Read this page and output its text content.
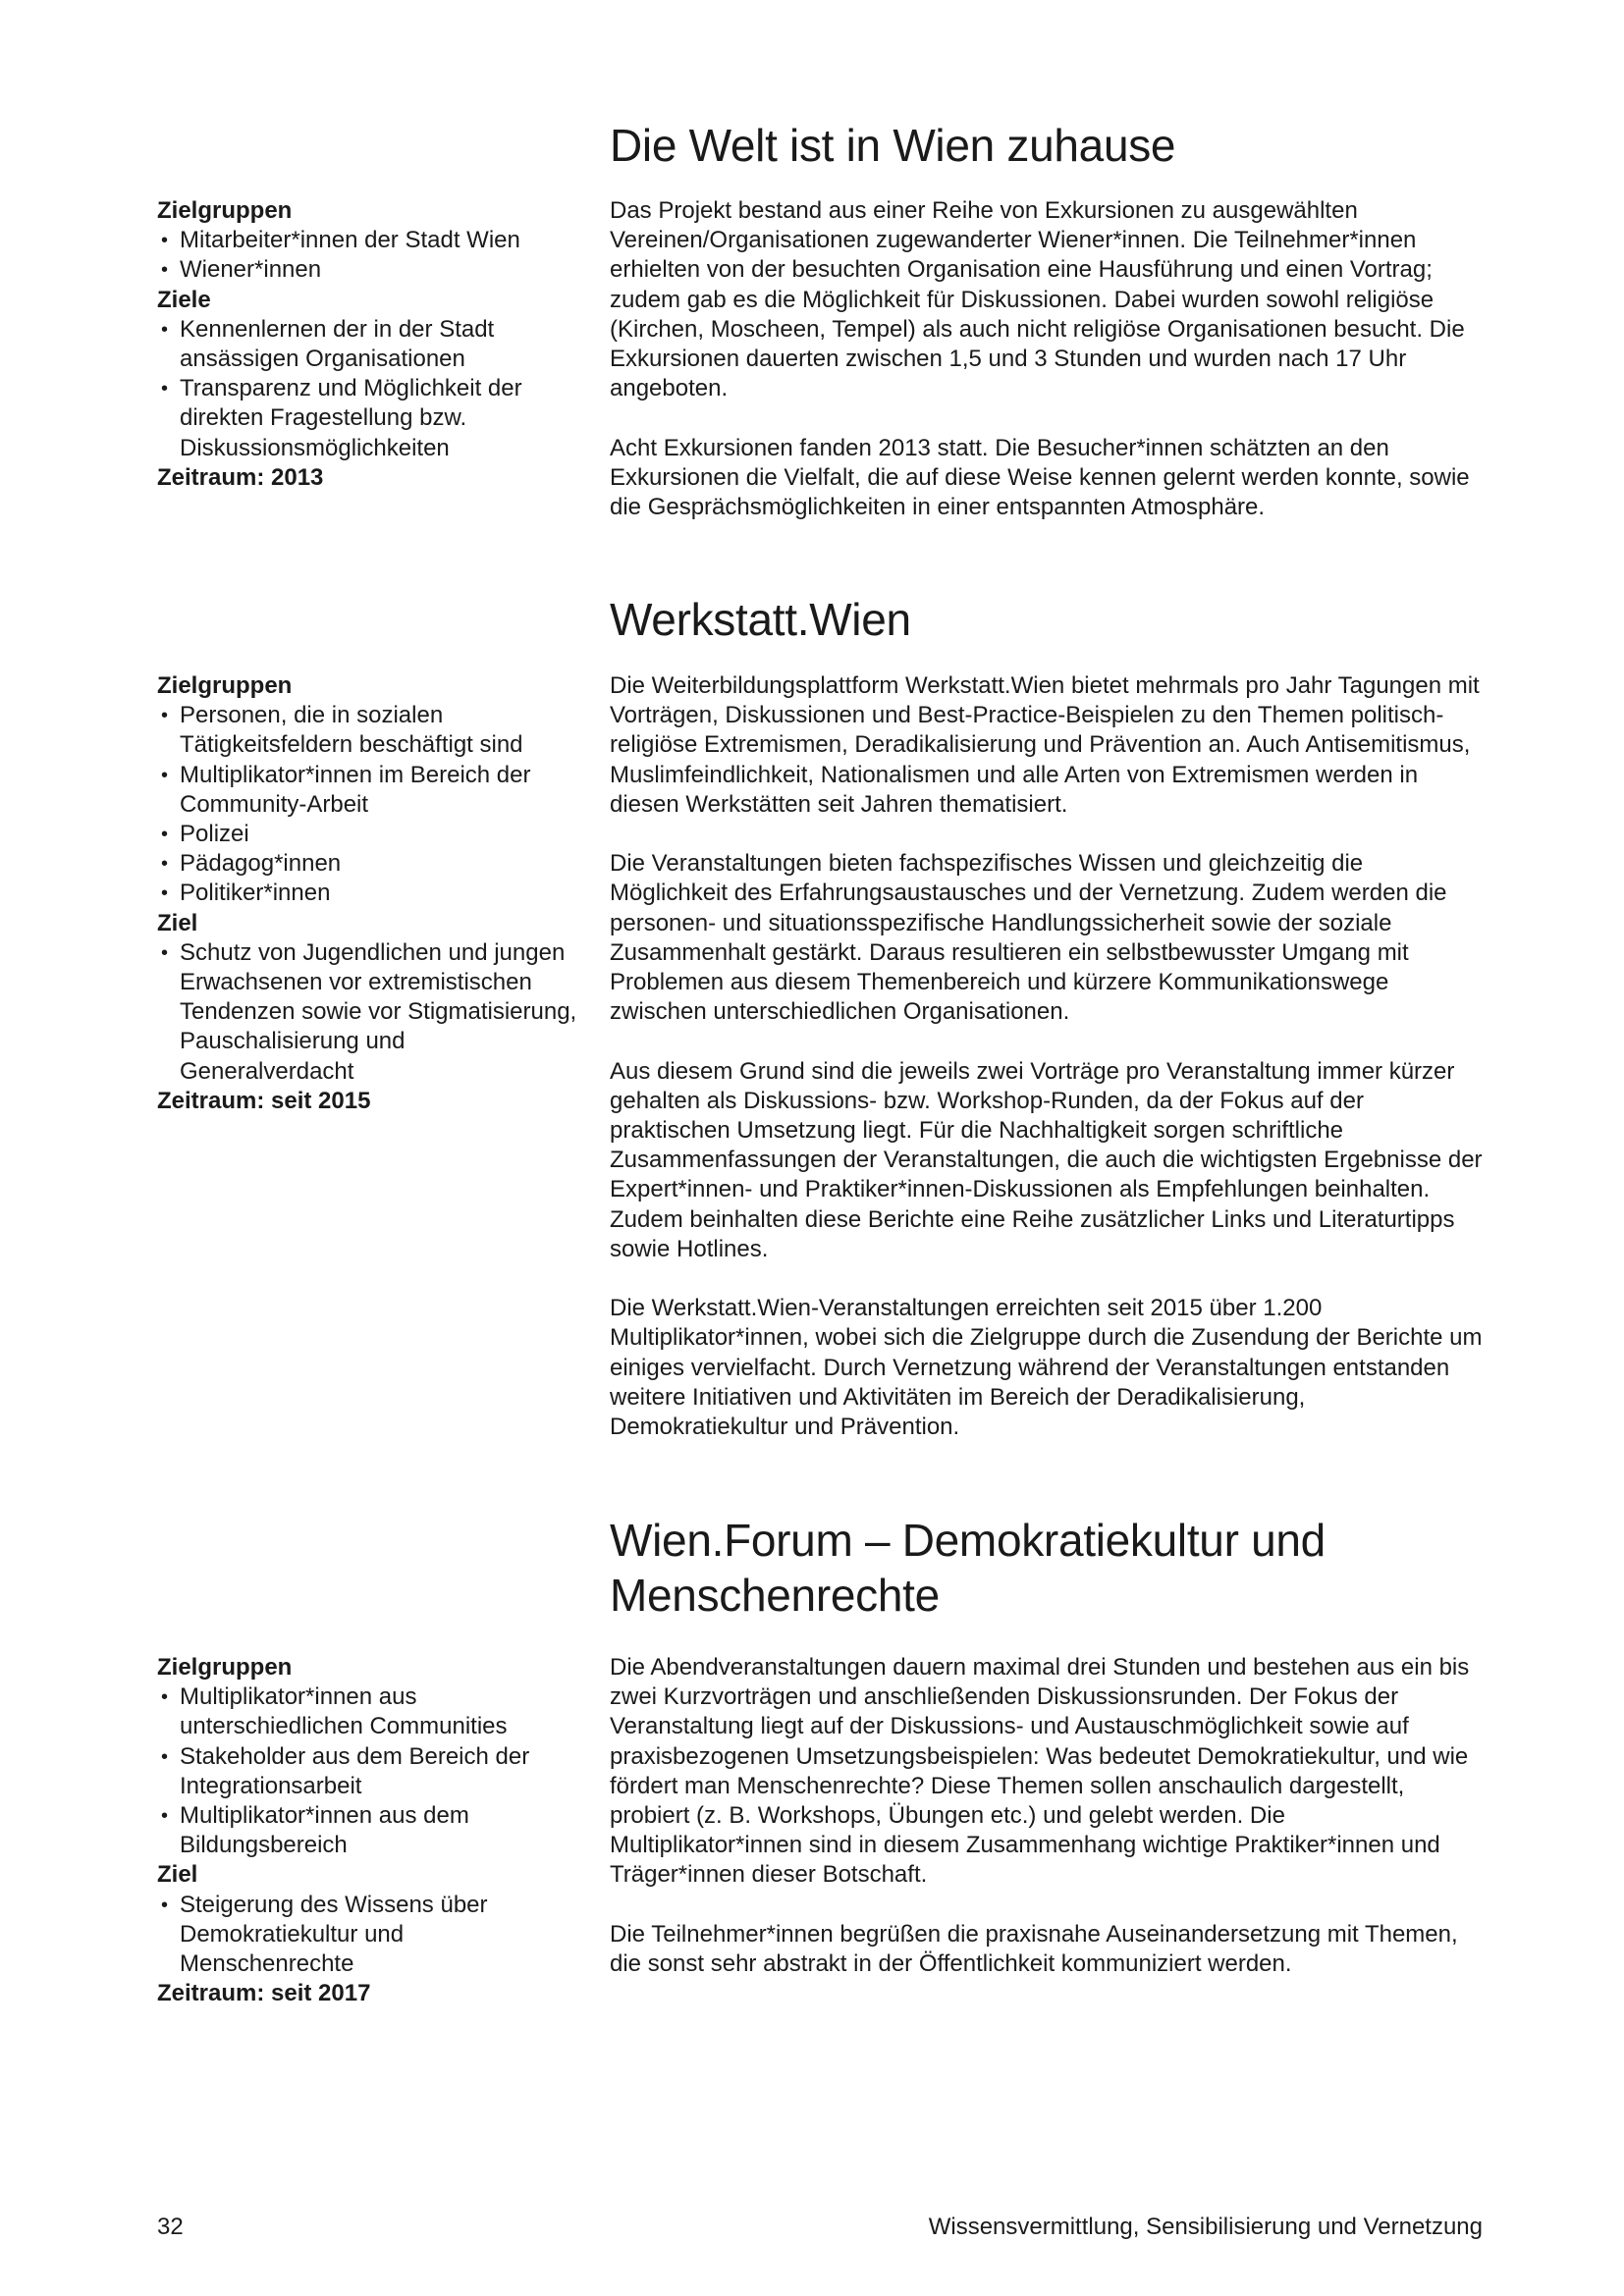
Die Welt ist in Wien zuhause
Zielgruppen
• Mitarbeiter*innen der Stadt Wien
• Wiener*innen
Ziele
• Kennenlernen der in der Stadt ansässigen Organisationen
• Transparenz und Möglichkeit der direkten Fragestellung bzw. Diskussionsmöglichkeiten
Zeitraum: 2013

Das Projekt bestand aus einer Reihe von Exkursionen zu ausgewählten Vereinen/Organisationen zugewanderter Wiener*innen. Die Teilnehmer*innen erhielten von der besuchten Organisation eine Hausführung und einen Vortrag; zudem gab es die Möglichkeit für Diskussionen. Dabei wurden sowohl religiöse (Kirchen, Moscheen, Tempel) als auch nicht religiöse Organisationen besucht. Die Exkursionen dauerten zwischen 1,5 und 3 Stunden und wurden nach 17 Uhr angeboten.

Acht Exkursionen fanden 2013 statt. Die Besucher*innen schätzten an den Exkursionen die Vielfalt, die auf diese Weise kennen gelernt werden konnte, sowie die Gesprächsmöglichkeiten in einer entspannten Atmosphäre.

Werkstatt.Wien
Zielgruppen
• Personen, die in sozialen Tätigkeitsfeldern beschäftigt sind
• Multiplikator*innen im Bereich der Community-Arbeit
• Polizei
• Pädagog*innen
• Politiker*innen
Ziel
• Schutz von Jugendlichen und jungen Erwachsenen vor extremistischen Tendenzen sowie vor Stigmatisierung, Pauschalisierung und Generalverdacht
Zeitraum: seit 2015

Die Weiterbildungsplattform Werkstatt.Wien bietet mehrmals pro Jahr Tagungen mit Vorträgen, Diskussionen und Best-Practice-Beispielen zu den Themen politisch-religiöse Extremismen, Deradikalisierung und Prävention an. Auch Antisemitismus, Muslimfeindlichkeit, Nationalismen und alle Arten von Extremismen werden in diesen Werkstätten seit Jahren thematisiert.

Die Veranstaltungen bieten fachspezifisches Wissen und gleichzeitig die Möglichkeit des Erfahrungsaustausches und der Vernetzung. Zudem werden die personen- und situationsspezifische Handlungssicherheit sowie der soziale Zusammenhalt gestärkt. Daraus resultieren ein selbstbewusster Umgang mit Problemen aus diesem Themenbereich und kürzere Kommunikationswege zwischen unterschiedlichen Organisationen.

Aus diesem Grund sind die jeweils zwei Vorträge pro Veranstaltung immer kürzer gehalten als Diskussions- bzw. Workshop-Runden, da der Fokus auf der praktischen Umsetzung liegt. Für die Nachhaltigkeit sorgen schriftliche Zusammenfassungen der Veranstaltungen, die auch die wichtigsten Ergebnisse der Expert*innen- und Praktiker*innen-Diskussionen als Empfehlungen beinhalten. Zudem beinhalten diese Berichte eine Reihe zusätzlicher Links und Literaturtipps sowie Hotlines.

Die Werkstatt.Wien-Veranstaltungen erreichten seit 2015 über 1.200 Multiplikator*innen, wobei sich die Zielgruppe durch die Zusendung der Berichte um einiges vervielfacht. Durch Vernetzung während der Veranstaltungen entstanden weitere Initiativen und Aktivitäten im Bereich der Deradikalisierung, Demokratiekultur und Prävention.

Wien.Forum – Demokratiekultur und Menschenrechte
Zielgruppen
• Multiplikator*innen aus unterschiedlichen Communities
• Stakeholder aus dem Bereich der Integrationsarbeit
• Multiplikator*innen aus dem Bildungsbereich
Ziel
• Steigerung des Wissens über Demokratiekultur und Menschenrechte
Zeitraum: seit 2017

Die Abendveranstaltungen dauern maximal drei Stunden und bestehen aus ein bis zwei Kurzvorträgen und anschließenden Diskussionsrunden. Der Fokus der Veranstaltung liegt auf der Diskussions- und Austauschmöglichkeit sowie auf praxisbezogenen Umsetzungsbeispielen: Was bedeutet Demokratiekultur, und wie fördert man Menschenrechte? Diese Themen sollen anschaulich dargestellt, probiert (z. B. Workshops, Übungen etc.) und gelebt werden. Die Multiplikator*innen sind in diesem Zusammenhang wichtige Praktiker*innen und Träger*innen dieser Botschaft.

Die Teilnehmer*innen begrüßen die praxisnahe Auseinandersetzung mit Themen, die sonst sehr abstrakt in der Öffentlichkeit kommuniziert werden.

32	Wissensvermittlung, Sensibilisierung und Vernetzung
